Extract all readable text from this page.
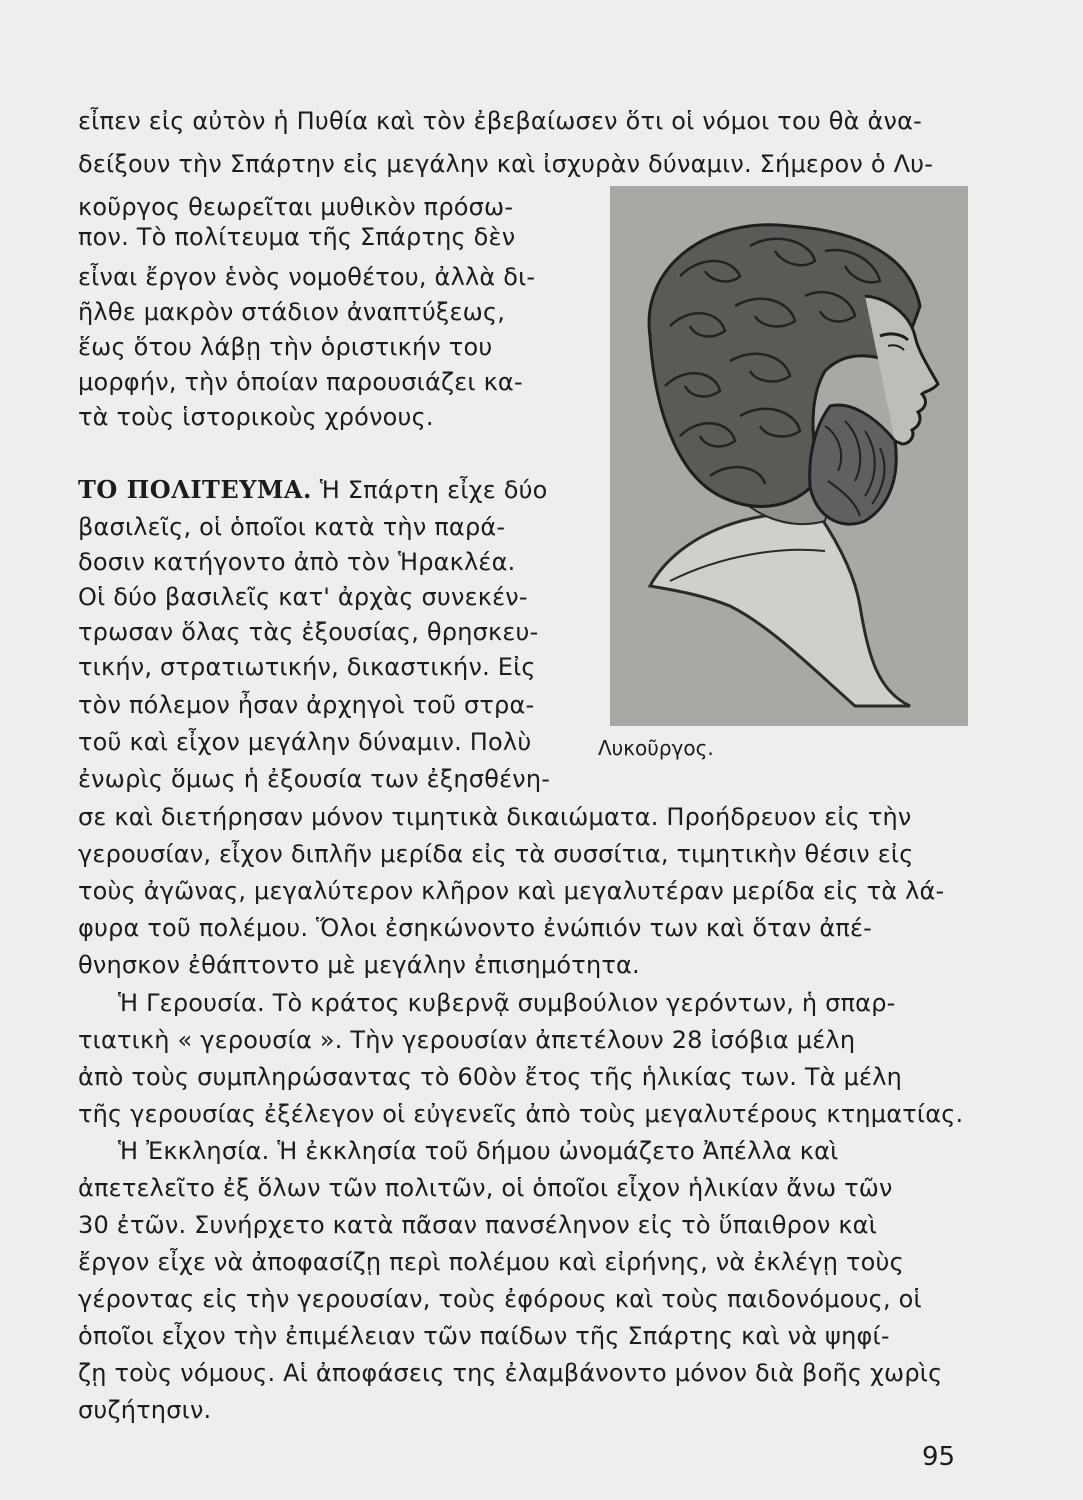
εἶπεν εἰς αὐτὸν ἡ Πυθία καὶ τὸν ἐβεβαίωσεν ὅτι οἱ νόμοι του θὰ ἀνα-
δείξουν τὴν Σπάρτην εἰς μεγάλην καὶ ἰσχυρὰν δύναμιν. Σήμερον ὁ Λυ-
κοῦργος θεωρεῖται μυθικὸν πρόσω-
πον. Τὸ πολίτευμα τῆς Σπάρτης δὲν
εἶναι ἔργον ἑνὸς νομοθέτου, ἀλλὰ δι-
ῆλθε μακρὸν στάδιον ἀναπτύξεως,
ἕως ὅτου λάβῃ τὴν ὁριστικήν του
μορφήν, τὴν ὁποίαν παρουσιάζει κα-
τὰ τοὺς ἱστορικοὺς χρόνους.
ΤΟ ΠΟΛΙΤΕΥΜΑ. Ἡ Σπάρτη εἶχε δύο
βασιλεῖς, οἱ ὁποῖοι κατὰ τὴν παρά-
δοσιν κατήγοντο ἀπὸ τὸν Ἡρακλέα.
Οἱ δύο βασιλεῖς κατ' ἀρχὰς συνεκέν-
τρωσαν ὅλας τὰς ἐξουσίας, θρησκευ-
τικήν, στρατιωτικήν, δικαστικήν. Εἰς
τὸν πόλεμον ἦσαν ἀρχηγοὶ τοῦ στρα-
τοῦ καὶ εἶχον μεγάλην δύναμιν. Πολὺ
ἐνωρὶς ὅμως ἡ ἐξουσία των ἐξησθένη-
σε καὶ διετήρησαν μόνον τιμητικὰ δικαιώματα. Προήδρευον εἰς τὴν
γερουσίαν, εἶχον διπλῆν μερίδα εἰς τὰ συσσίτια, τιμητικὴν θέσιν εἰς
τοὺς ἀγῶνας, μεγαλύτερον κλῆρον καὶ μεγαλυτέραν μερίδα εἰς τὰ λά-
φυρα τοῦ πολέμου. Ὅλοι ἐσηκώνοντο ἐνώπιόν των καὶ ὅταν ἀπέ-
θνησκον ἐθάπτοντο μὲ μεγάλην ἐπισημότητα.
Ἡ Γερουσία. Τὸ κράτος κυβερνᾷ συμβούλιον γερόντων, ἡ σπαρ-
τιατικὴ « γερουσία ». Τὴν γερουσίαν ἀπετέλουν 28 ἰσόβια μέλη
ἀπὸ τοὺς συμπληρώσαντας τὸ 60ὸν ἔτος τῆς ἡλικίας των. Τὰ μέλη
τῆς γερουσίας ἐξέλεγον οἱ εὐγενεῖς ἀπὸ τοὺς μεγαλυτέρους κτηματίας.
Ἡ Ἐκκλησία. Ἡ ἐκκλησία τοῦ δήμου ὠνομάζετο Ἀπέλλα καὶ
ἀπετελεῖτο ἐξ ὅλων τῶν πολιτῶν, οἱ ὁποῖοι εἶχον ἡλικίαν ἄνω τῶν
30 ἐτῶν. Συνήρχετο κατὰ πᾶσαν πανσέληνον εἰς τὸ ὕπαιθρον καὶ
ἔργον εἶχε νὰ ἀποφασίζῃ περὶ πολέμου καὶ εἰρήνης, νὰ ἐκλέγῃ τοὺς
γέροντας εἰς τὴν γερουσίαν, τοὺς ἐφόρους καὶ τοὺς παιδονόμους, οἱ
ὁποῖοι εἶχον τὴν ἐπιμέλειαν τῶν παίδων τῆς Σπάρτης καὶ νὰ ψηφί-
ζῃ τοὺς νόμους. Αἱ ἀποφάσεις της ἐλαμβάνοντο μόνον διὰ βοῆς χωρὶς
συζήτησιν.
Λυκοῦργος.
95
